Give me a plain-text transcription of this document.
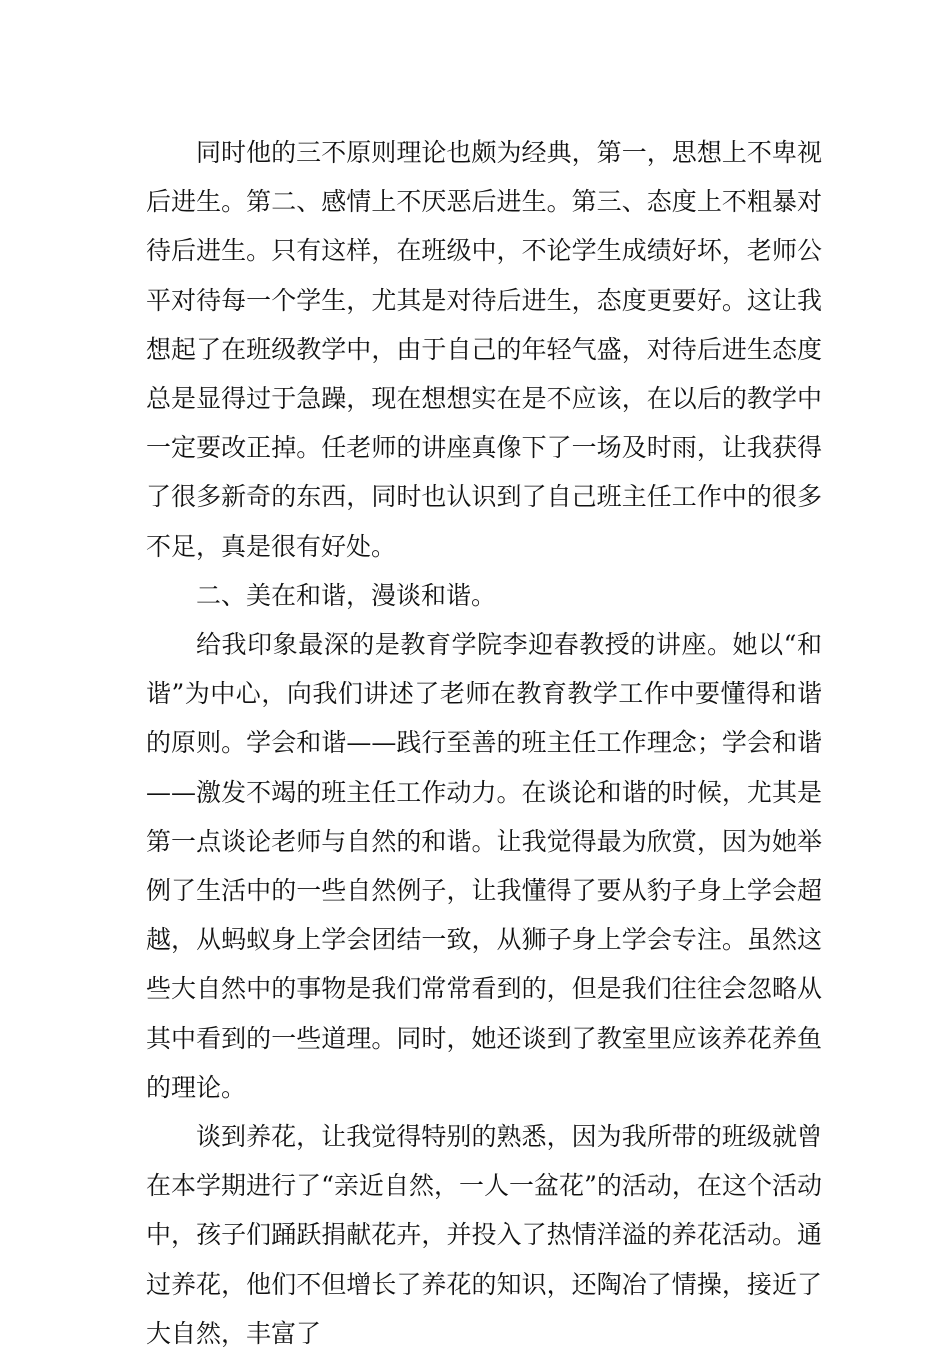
同时他的三不原则理论也颇为经典，第一，思想上不卑视后进生。第二、感情上不厌恶后进生。第三、态度上不粗暴对待后进生。只有这样，在班级中，不论学生成绩好坏，老师公平对待每一个学生，尤其是对待后进生，态度更要好。这让我想起了在班级教学中，由于自己的年轻气盛，对待后进生态度总是显得过于急躁，现在想想实在是不应该，在以后的教学中一定要改正掉。任老师的讲座真像下了一场及时雨，让我获得了很多新奇的东西，同时也认识到了自己班主任工作中的很多不足，真是很有好处。

二、美在和谐，漫谈和谐。

给我印象最深的是教育学院李迎春教授的讲座。她以“和谐”为中心，向我们讲述了老师在教育教学工作中要懂得和谐的原则。学会和谐——践行至善的班主任工作理念；学会和谐——激发不竭的班主任工作动力。在谈论和谐的时候，尤其是第一点谈论老师与自然的和谐。让我觉得最为欣赏，因为她举例了生活中的一些自然例子，让我懂得了要从豹子身上学会超越，从蚂蚁身上学会团结一致，从狮子身上学会专注。虽然这些大自然中的事物是我们常常看到的，但是我们往往会忽略从其中看到的一些道理。同时，她还谈到了教室里应该养花养鱼的理论。

谈到养花，让我觉得特别的熟悉，因为我所带的班级就曾在本学期进行了“亲近自然，一人一盆花”的活动，在这个活动中，孩子们踊跃捐献花卉，并投入了热情洋溢的养花活动。通过养花，他们不但增长了养花的知识，还陶冶了情操，接近了大自然，丰富了
